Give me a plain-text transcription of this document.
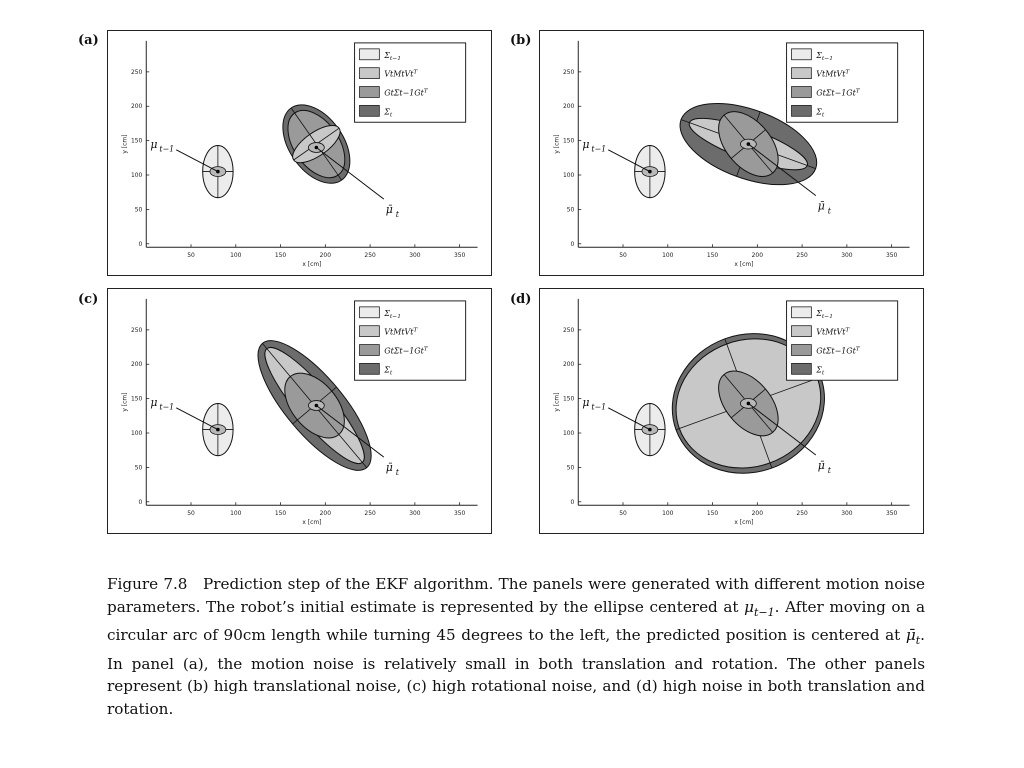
(a)	(b)
(c)	(d)
50	100	150	200	250	300	350
0
50
100
150
200
250
x [cm]
y [cm] μ t−1
μ̄ t
$\Sigma_{t-1}$
VtMtVt$^T$
$Gt\Sigma t-1Gt^T$
$\Sigma_t$
50	100	150	200	250	300	350
0
50
100
150
200
250
x [cm]
y [cm] μ t−1
μ̄ t
$\Sigma_{t-1}$
VtMtVt$^T$
$Gt\Sigma t-1Gt^T$
$\Sigma_t$
50	100	150	200	250	300	350
0
50
100
150
200
250
x [cm]
y [cm] μ t−1
μ̄ t
$\Sigma_{t-1}$
VtMtVt$^T$
$Gt\Sigma t-1Gt^T$
$\Sigma_t$
50	100	150	200	250	300	350
0
50
100
150
200
250
x [cm]
y [cm] μ t−1
μ̄ t
$\Sigma_{t-1}$
VtMtVt$^T$
$Gt\Sigma t-1Gt^T$
$\Sigma_t$

Figure 7.8 Prediction step of the EKF algorithm. The panels were generated with different motion noise parameters. The robot’s initial estimate is represented by the ellipse centered at $\mu_{t-1}$. After moving on a circular arc of 90cm length while turning 45 degrees to the left, the predicted position is centered at $\mū_t$. In panel (a), the motion noise is relatively small in both translation and rotation. The other panels represent (b) high translational noise, (c) high rotational noise, and (d) high noise in both translation and rotation.
